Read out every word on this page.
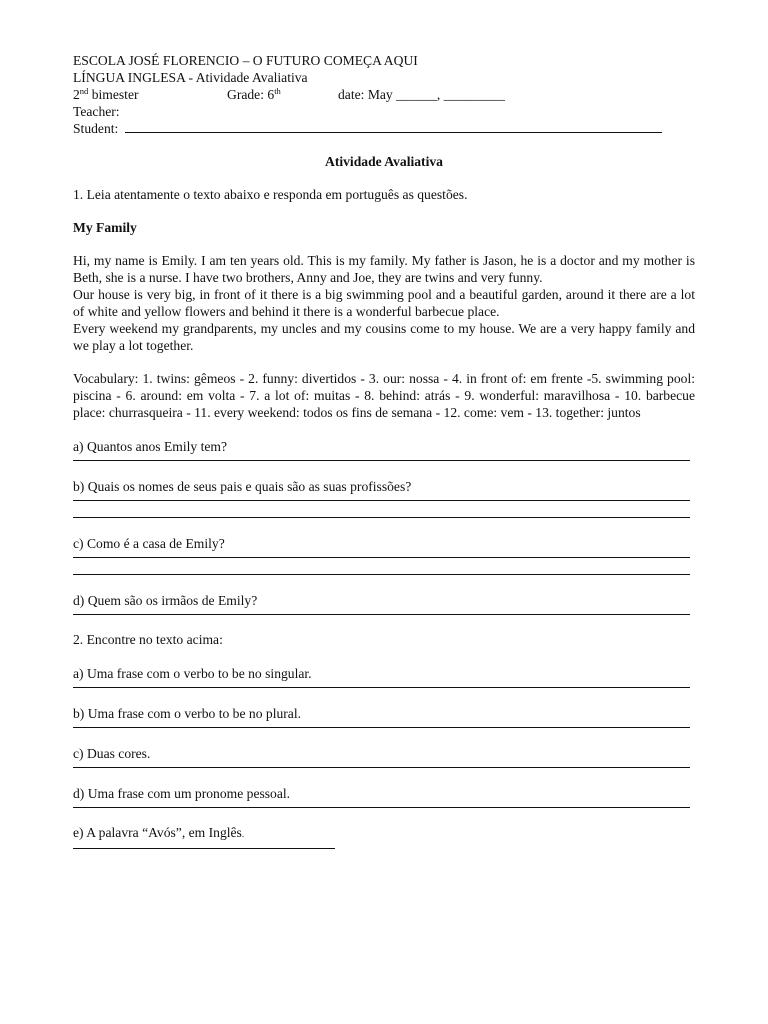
ESCOLA JOSÉ FLORENCIO – O FUTURO COMEÇA AQUI
LÍNGUA INGLESA - Atividade Avaliativa
2nd bimester	Grade: 6th	date: May ______, _________
Teacher:
Student:
Atividade Avaliativa
1. Leia atentamente o texto abaixo e responda em português as questões.
My Family
Hi, my name is Emily. I am ten years old. This is my family. My father is Jason, he is a doctor and my mother is Beth, she is a nurse. I have two brothers, Anny and Joe, they are twins and very funny.
Our house is very big, in front of it there is a big swimming pool and a beautiful garden, around it there are a lot of white and yellow flowers and behind it there is a wonderful barbecue place.
Every weekend my grandparents, my uncles and my cousins come to my house. We are a very happy family and we play a lot together.
Vocabulary: 1. twins: gêmeos - 2. funny: divertidos - 3. our: nossa - 4. in front of: em frente -5. swimming pool: piscina - 6. around: em volta - 7. a lot of: muitas - 8. behind: atrás - 9. wonderful: maravilhosa - 10. barbecue place: churrasqueira - 11. every weekend: todos os fins de semana - 12. come: vem - 13. together: juntos
a) Quantos anos Emily tem?
b) Quais os nomes de seus pais e quais são as suas profissões?
c) Como é a casa de Emily?
d) Quem são os irmãos de Emily?
2. Encontre no texto acima:
a) Uma frase com o verbo to be no singular.
b) Uma frase com o verbo to be no plural.
c) Duas cores.
d) Uma frase com um pronome pessoal.
e) A palavra “Avós”, em Inglês.
